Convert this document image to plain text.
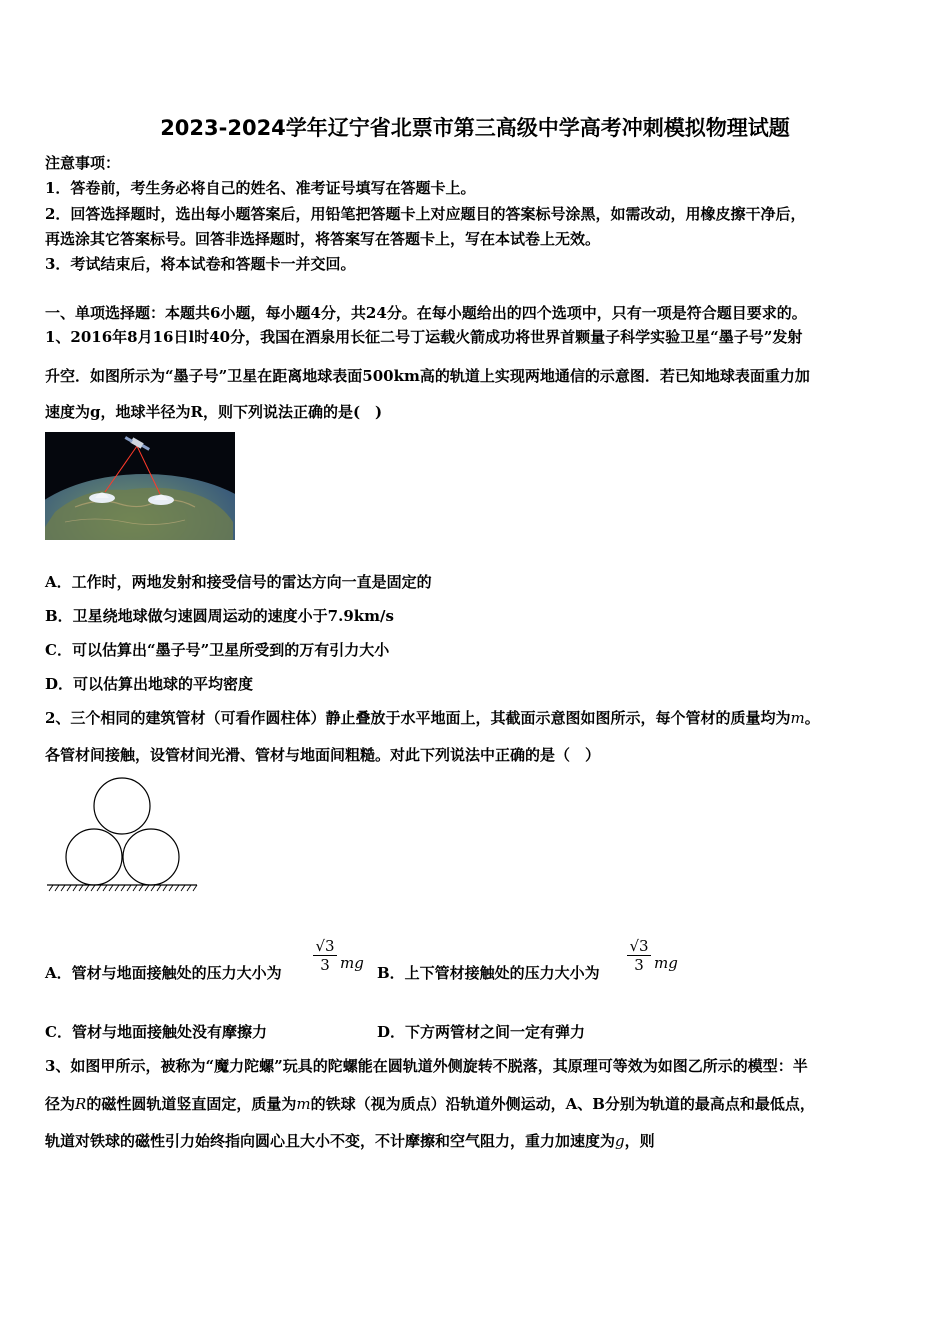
2023-2024学年辽宁省北票市第三高级中学高考冲刺模拟物理试题
注意事项：
1．答卷前，考生务必将自己的姓名、准考证号填写在答题卡上。
2．回答选择题时，选出每小题答案后，用铅笔把答题卡上对应题目的答案标号涂黑，如需改动，用橡皮擦干净后，
再选涂其它答案标号。回答非选择题时，将答案写在答题卡上，写在本试卷上无效。
3．考试结束后，将本试卷和答题卡一并交回。
一、单项选择题：本题共6小题，每小题4分，共24分。在每小题给出的四个选项中，只有一项是符合题目要求的。
1、2016年8月16日l时40分，我国在酒泉用长征二号丁运载火箭成功将世界首颗量子科学实验卫星“墨子号”发射
升空．如图所示为“墨子号”卫星在距离地球表面500km高的轨道上实现两地通信的示意图．若已知地球表面重力加
速度为g，地球半径为R，则下列说法正确的是(　)
A．工作时，两地发射和接受信号的雷达方向一直是固定的
B．卫星绕地球做匀速圆周运动的速度小于7.9km/s
C．可以估算出“墨子号”卫星所受到的万有引力大小
D．可以估算出地球的平均密度
2、三个相同的建筑管材（可看作圆柱体）静止叠放于水平地面上，其截面示意图如图所示，每个管材的质量均为m。
各管材间接触，设管材间光滑、管材与地面间粗糙。对此下列说法中正确的是（　）
A．管材与地面接触处的压力大小为 $\frac{√3}{3}$ mg
B．上下管材接触处的压力大小为 $\frac{√3}{3}$ mg
C．管材与地面接触处没有摩擦力	D．下方两管材之间一定有弹力
3、如图甲所示，被称为“魔力陀螺”玩具的陀螺能在圆轨道外侧旋转不脱落，其原理可等效为如图乙所示的模型：半
径为R的磁性圆轨道竖直固定，质量为m的铁球（视为质点）沿轨道外侧运动，A、B分别为轨道的最高点和最低点，
轨道对铁球的磁性引力始终指向圆心且大小不变，不计摩擦和空气阻力，重力加速度为g，则
